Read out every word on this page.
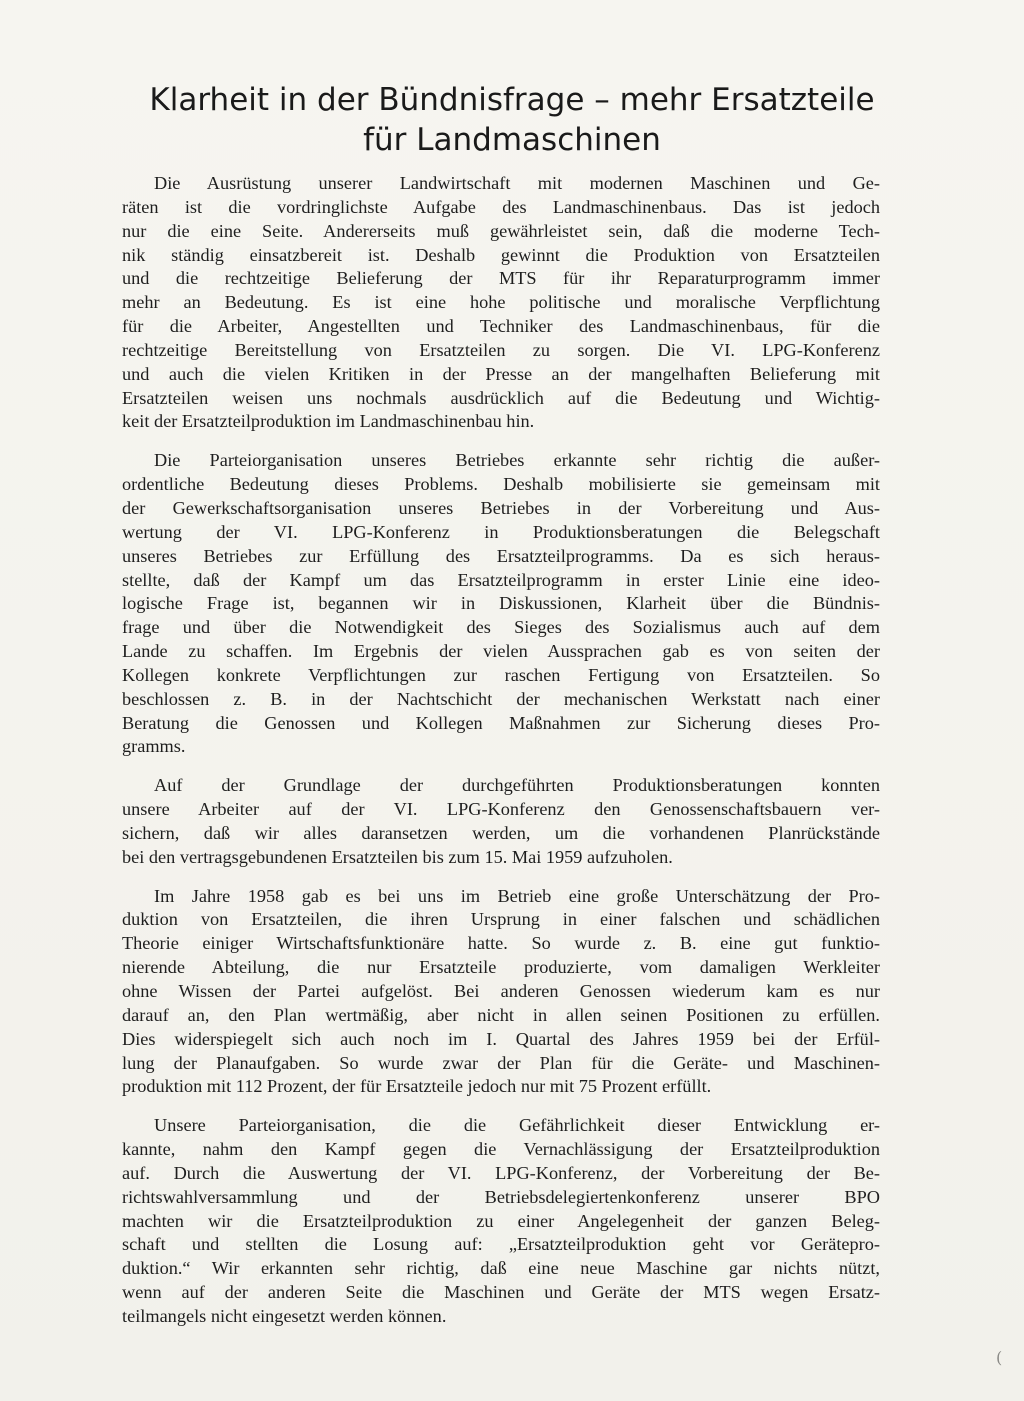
Klarheit in der Bündnisfrage – mehr Ersatzteile
für Landmaschinen
Die Ausrüstung unserer Landwirtschaft mit modernen Maschinen und Ge-
räten ist die vordringlichste Aufgabe des Landmaschinenbaus. Das ist jedoch
nur die eine Seite. Andererseits muß gewährleistet sein, daß die moderne Tech-
nik ständig einsatzbereit ist. Deshalb gewinnt die Produktion von Ersatzteilen
und die rechtzeitige Belieferung der MTS für ihr Reparaturprogramm immer
mehr an Bedeutung. Es ist eine hohe politische und moralische Verpflichtung
für die Arbeiter, Angestellten und Techniker des Landmaschinenbaus, für die
rechtzeitige Bereitstellung von Ersatzteilen zu sorgen. Die VI. LPG-Konferenz
und auch die vielen Kritiken in der Presse an der mangelhaften Belieferung mit
Ersatzteilen weisen uns nochmals ausdrücklich auf die Bedeutung und Wichtig-
keit der Ersatzteilproduktion im Landmaschinenbau hin.
Die Parteiorganisation unseres Betriebes erkannte sehr richtig die außer-
ordentliche Bedeutung dieses Problems. Deshalb mobilisierte sie gemeinsam mit
der Gewerkschaftsorganisation unseres Betriebes in der Vorbereitung und Aus-
wertung der VI. LPG-Konferenz in Produktionsberatungen die Belegschaft
unseres Betriebes zur Erfüllung des Ersatzteilprogramms. Da es sich heraus-
stellte, daß der Kampf um das Ersatzteilprogramm in erster Linie eine ideo-
logische Frage ist, begannen wir in Diskussionen, Klarheit über die Bündnis-
frage und über die Notwendigkeit des Sieges des Sozialismus auch auf dem
Lande zu schaffen. Im Ergebnis der vielen Aussprachen gab es von seiten der
Kollegen konkrete Verpflichtungen zur raschen Fertigung von Ersatzteilen. So
beschlossen z. B. in der Nachtschicht der mechanischen Werkstatt nach einer
Beratung die Genossen und Kollegen Maßnahmen zur Sicherung dieses Pro-
gramms.
Auf der Grundlage der durchgeführten Produktionsberatungen konnten
unsere Arbeiter auf der VI. LPG-Konferenz den Genossenschaftsbauern ver-
sichern, daß wir alles daransetzen werden, um die vorhandenen Planrückstände
bei den vertragsgebundenen Ersatzteilen bis zum 15. Mai 1959 aufzuholen.
Im Jahre 1958 gab es bei uns im Betrieb eine große Unterschätzung der Pro-
duktion von Ersatzteilen, die ihren Ursprung in einer falschen und schädlichen
Theorie einiger Wirtschaftsfunktionäre hatte. So wurde z. B. eine gut funktio-
nierende Abteilung, die nur Ersatzteile produzierte, vom damaligen Werkleiter
ohne Wissen der Partei aufgelöst. Bei anderen Genossen wiederum kam es nur
darauf an, den Plan wertmäßig, aber nicht in allen seinen Positionen zu erfüllen.
Dies widerspiegelt sich auch noch im I. Quartal des Jahres 1959 bei der Erfül-
lung der Planaufgaben. So wurde zwar der Plan für die Geräte- und Maschinen-
produktion mit 112 Prozent, der für Ersatzteile jedoch nur mit 75 Prozent erfüllt.
Unsere Parteiorganisation, die die Gefährlichkeit dieser Entwicklung er-
kannte, nahm den Kampf gegen die Vernachlässigung der Ersatzteilproduktion
auf. Durch die Auswertung der VI. LPG-Konferenz, der Vorbereitung der Be-
richtswahlversammlung und der Betriebsdelegiertenkonferenz unserer BPO
machten wir die Ersatzteilproduktion zu einer Angelegenheit der ganzen Beleg-
schaft und stellten die Losung auf: „Ersatzteilproduktion geht vor Gerätepro-
duktion.“ Wir erkannten sehr richtig, daß eine neue Maschine gar nichts nützt,
wenn auf der anderen Seite die Maschinen und Geräte der MTS wegen Ersatz-
teilmangels nicht eingesetzt werden können.
(
